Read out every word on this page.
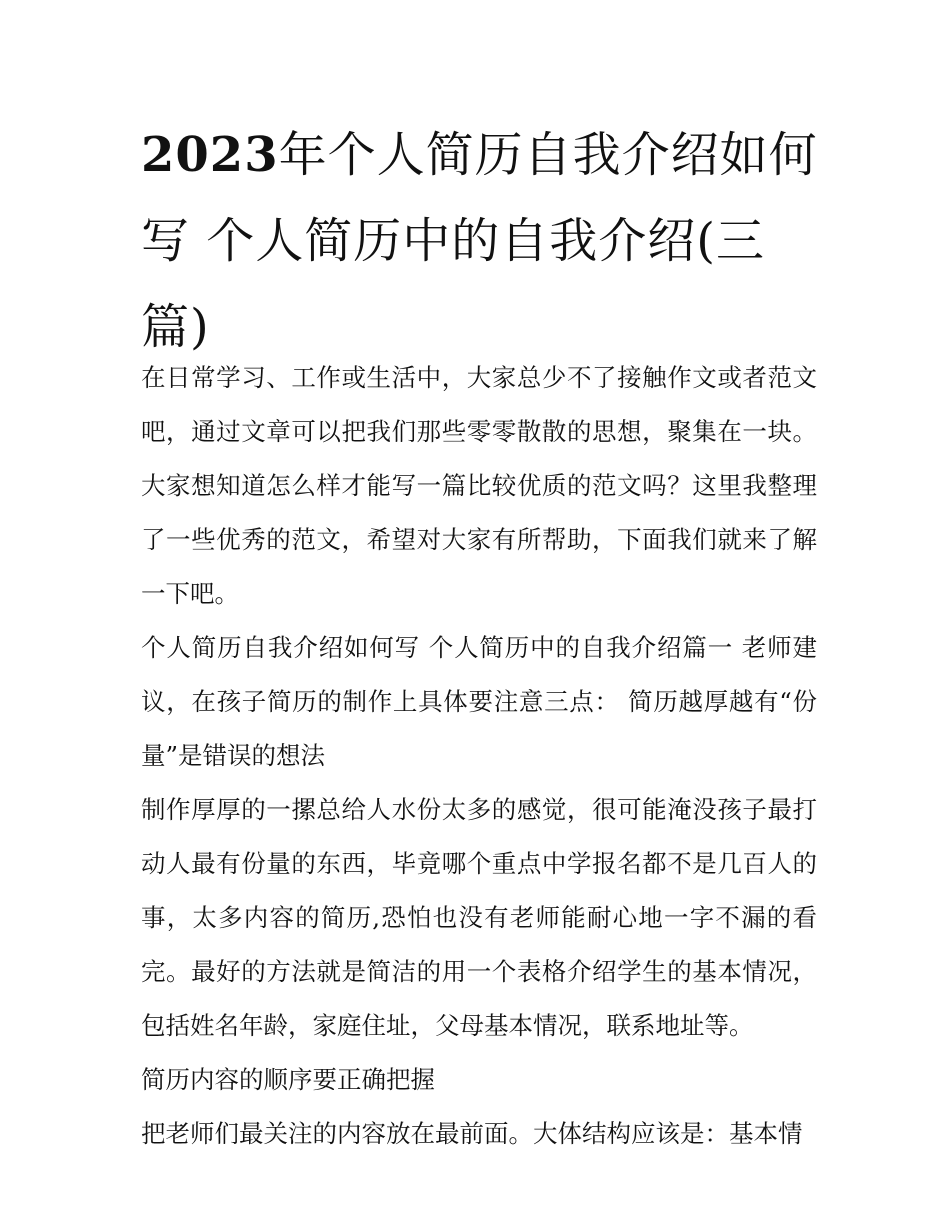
2023年个人简历自我介绍如何写 个人简历中的自我介绍(三篇)

在日常学习、工作或生活中，大家总少不了接触作文或者范文吧，通过文章可以把我们那些零零散散的思想，聚集在一块。大家想知道怎么样才能写一篇比较优质的范文吗？这里我整理了一些优秀的范文，希望对大家有所帮助，下面我们就来了解一下吧。

个人简历自我介绍如何写 个人简历中的自我介绍篇一 老师建议，在孩子简历的制作上具体要注意三点： 简历越厚越有“份量”是错误的想法

制作厚厚的一摞总给人水份太多的感觉，很可能淹没孩子最打动人最有份量的东西，毕竟哪个重点中学报名都不是几百人的事，太多内容的简历,恐怕也没有老师能耐心地一字不漏的看完。最好的方法就是简洁的用一个表格介绍学生的基本情况，包括姓名年龄，家庭住址，父母基本情况，联系地址等。

简历内容的顺序要正确把握

把老师们最关注的内容放在最前面。大体结构应该是：基本情
